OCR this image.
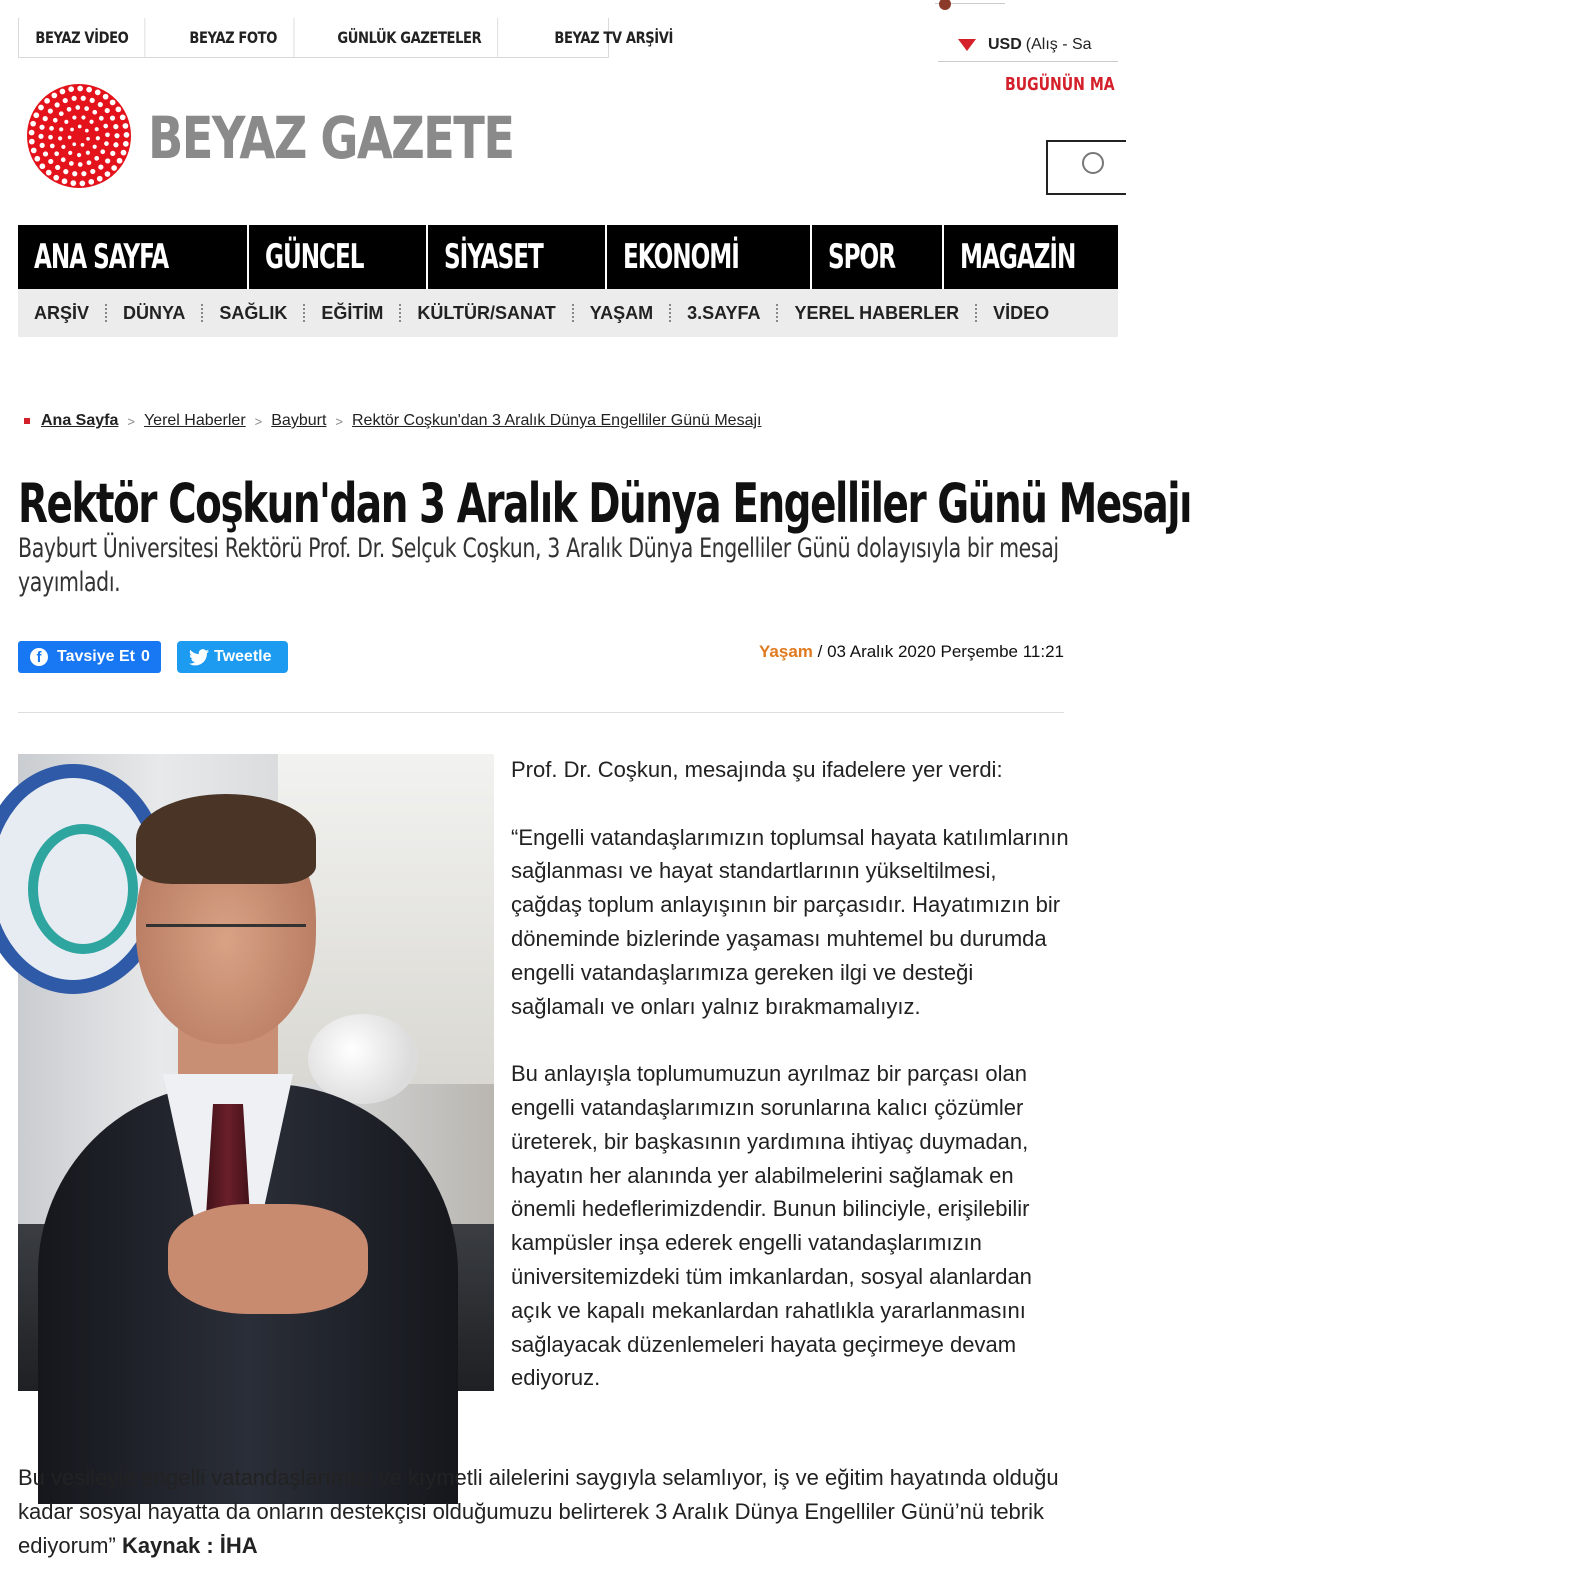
BEYAZ VİDEO	BEYAZ FOTO	GÜNLÜK GAZETELER	BEYAZ TV ARŞİVİ	USD (Alış - Sa
BUGÜNÜN MA
BEYAZ GAZETE
ANA SAYFA	GÜNCEL SİYASET EKONOMİ	SPOR MAGAZİN	KADIN TEKNOLOJİ	T
ARŞİV	DÜNYA	SAĞLIK	EĞİTİM	KÜLTÜR/SANAT	YAŞAM	3.SAYFA	YEREL HABERLER	VİDEO
Ana Sayfa > Yerel Haberler > Bayburt > Rektör Coşkun'dan 3 Aralık Dünya Engelliler Günü Mesajı
Rektör Coşkun'dan 3 Aralık Dünya Engelliler Günü Mesajı
Bayburt Üniversitesi Rektörü Prof. Dr. Selçuk Coşkun, 3 Aralık Dünya Engelliler Günü dolayısıyla bir mesaj
yayımladı.
f Tavsiye Et 0	Tweetle	Yaşam / 03 Aralık 2020 Perşembe 11:21

Prof. Dr. Coşkun, mesajında şu ifadelere yer verdi:

“Engelli vatandaşlarımızın toplumsal hayata katılımlarının sağlanması ve hayat standartlarının yükseltilmesi, çağdaş toplum anlayışının bir parçasıdır. Hayatımızın bir döneminde bizlerinde yaşaması muhtemel bu durumda engelli vatandaşlarımıza gereken ilgi ve desteği sağlamalı ve onları yalnız bırakmamalıyız.

Bu anlayışla toplumumuzun ayrılmaz bir parçası olan engelli vatandaşlarımızın sorunlarına kalıcı çözümler üreterek, bir başkasının yardımına ihtiyaç duymadan, hayatın her alanında yer alabilmelerini sağlamak en önemli hedeflerimizdendir. Bunun bilinciyle, erişilebilir kampüsler inşa ederek engelli vatandaşlarımızın üniversitemizdeki tüm imkanlardan, sosyal alanlardan açık ve kapalı mekanlardan rahatlıkla yararlanmasını sağlayacak düzenlemeleri hayata geçirmeye devam ediyoruz.

Bu vesileyle engelli vatandaşlarımızı ve kıymetli ailelerini saygıyla selamlıyor, iş ve eğitim hayatında olduğu kadar sosyal hayatta da onların destekçisi olduğumuzu belirterek 3 Aralık Dünya Engelliler Günü’nü tebrik ediyorum” Kaynak : İHA
